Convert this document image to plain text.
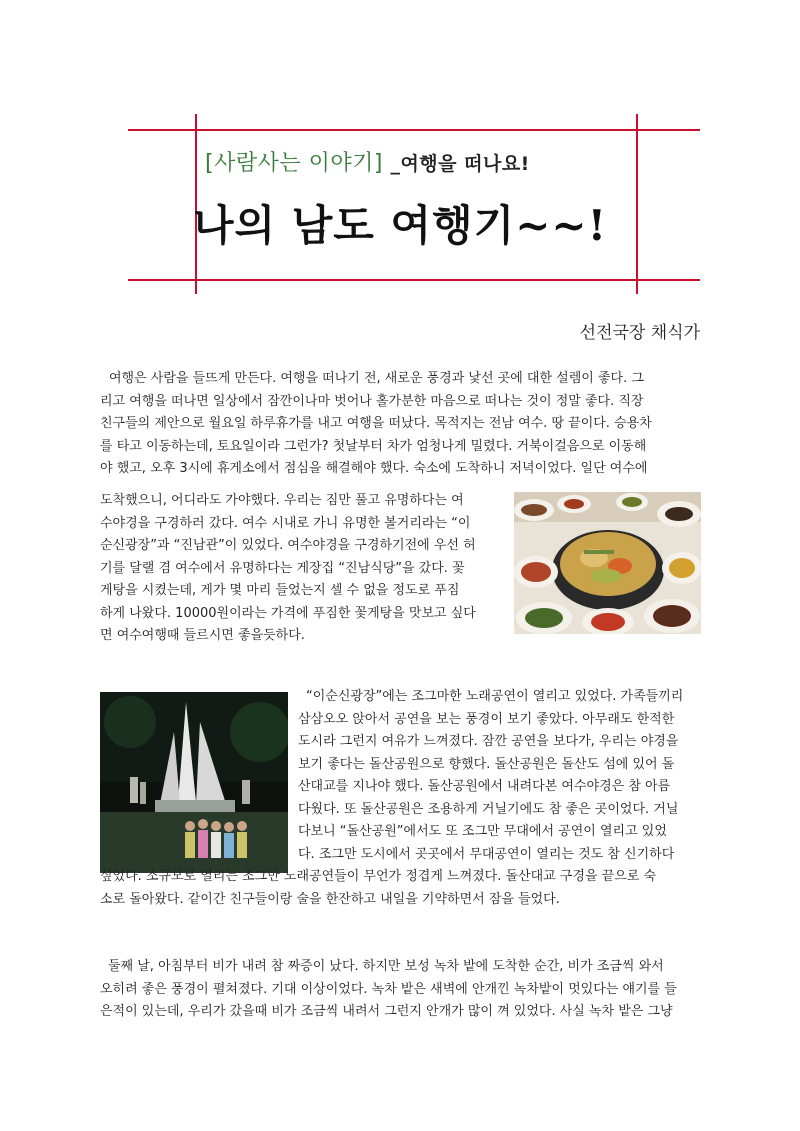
[사람사는 이야기] _여행을 떠나요!
나의 남도 여행기~~!
선전국장 채식가

여행은 사람을 들뜨게 만든다. 여행을 떠나기 전, 새로운 풍경과 낯선 곳에 대한 설렘이 좋다. 그

리고 여행을 떠나면 일상에서 잠깐이나마 벗어나 홀가분한 마음으로 떠나는 것이 정말 좋다. 직장

친구들의 제안으로 월요일 하루휴가를 내고 여행을 떠났다. 목적지는 전남 여수. 땅 끝이다. 승용차

를 타고 이동하는데, 토요일이라 그런가? 첫날부터 차가 엄청나게 밀렸다. 거북이걸음으로 이동해

야 했고, 오후 3시에 휴게소에서 점심을 해결해야 했다. 숙소에 도착하니 저녁이었다. 일단 여수에

도착했으니, 어디라도 가야했다. 우리는 짐만 풀고 유명하다는 여

수야경을 구경하러 갔다. 여수 시내로 가니 유명한 볼거리라는 “이

순신광장”과 “진남관”이 있었다. 여수야경을 구경하기전에 우선 허

기를 달랠 겸 여수에서 유명하다는 게장집 “진남식당”을 갔다. 꽃

게탕을 시켰는데, 게가 몇 마리 들었는지 셀 수 없을 정도로 푸짐

하게 나왔다. 10000원이라는 가격에 푸짐한 꽃게탕을 맛보고 싶다

면 여수여행때 들르시면 좋을듯하다.

“이순신광장”에는 조그마한 노래공연이 열리고 있었다. 가족들끼리

삼삼오오 앉아서 공연을 보는 풍경이 보기 좋았다. 아무래도 한적한

도시라 그런지 여유가 느껴졌다. 잠깐 공연을 보다가, 우리는 야경을

보기 좋다는 돌산공원으로 향했다. 돌산공원은 돌산도 섬에 있어 돌

산대교를 지나야 했다. 돌산공원에서 내려다본 여수야경은 참 아름

다웠다. 또 돌산공원은 조용하게 거닐기에도 참 좋은 곳이었다. 거닐

다보니 “돌산공원”에서도 또 조그만 무대에서 공연이 열리고 있었

다. 조그만 도시에서 곳곳에서 무대공연이 열리는 것도 참 신기하다

싶었다. 소규모로 열리는 조그만 노래공연들이 무언가 정겹게 느껴졌다. 돌산대교 구경을 끝으로 숙

소로 돌아왔다. 같이간 친구들이랑 술을 한잔하고 내일을 기약하면서 잠을 들었다.

둘째 날, 아침부터 비가 내려 참 짜증이 났다. 하지만 보성 녹차 밭에 도착한 순간, 비가 조금씩 와서

오히려 좋은 풍경이 펼쳐졌다. 기대 이상이었다. 녹차 밭은 새벽에 안개낀 녹차밭이 멋있다는 얘기를 들

은적이 있는데, 우리가 갔을때 비가 조금씩 내려서 그런지 안개가 많이 껴 있었다. 사실 녹차 밭은 그냥
